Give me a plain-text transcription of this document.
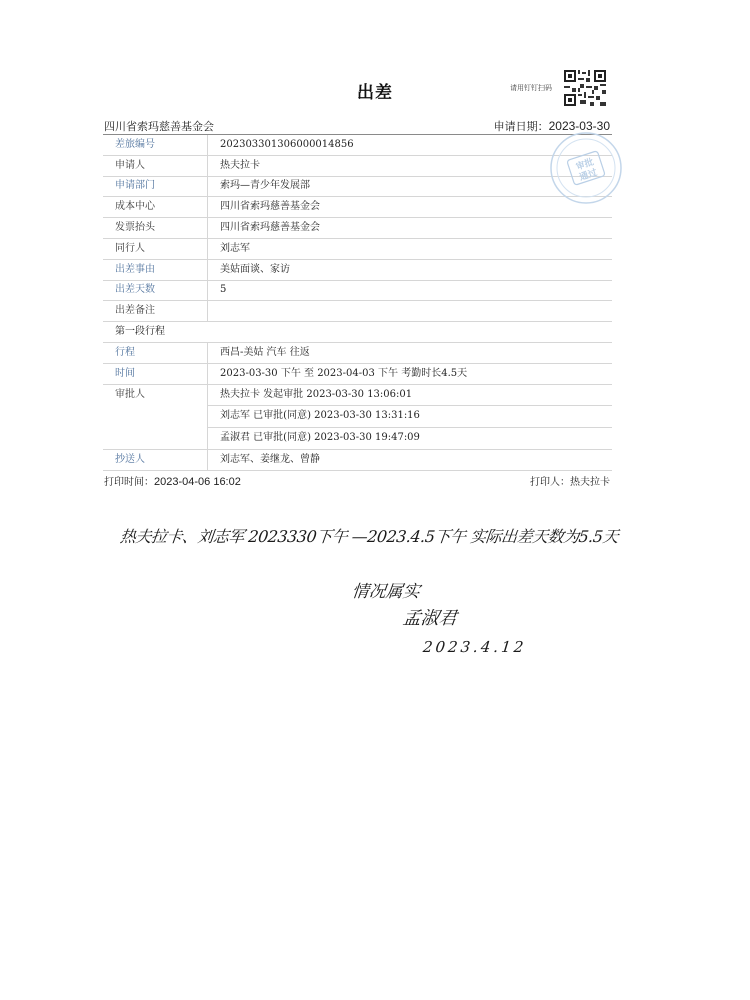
出差	请用钉钉扫码
四川省索玛慈善基金会	申请日期：2023-03-30
差旅编号	202303301306000014856
申请人	热夫拉卡
申请部门	索玛—青少年发展部
成本中心	四川省索玛慈善基金会
发票抬头	四川省索玛慈善基金会
同行人	刘志军
出差事由	美姑面谈、家访
出差天数	5
出差备注	
第一段行程	
行程	西昌-美姑 汽车 往返
时间	2023-03-30 下午 至 2023-04-03 下午 考勤时长4.5天
审批人	热夫拉卡 发起审批 2023-03-30 13:06:01
刘志军 已审批(同意) 2023-03-30 13:31:16
孟淑君 已审批(同意) 2023-03-30 19:47:09

抄送人	刘志军、姜继龙、曾静
审批
通过
打印时间：2023-04-06 16:02	打印人：热夫拉卡
热夫拉卡、刘志军 2023330下午 —2023.4.5下午 实际出差天数为5.5天
情况属实
孟淑君
2023.4.12
